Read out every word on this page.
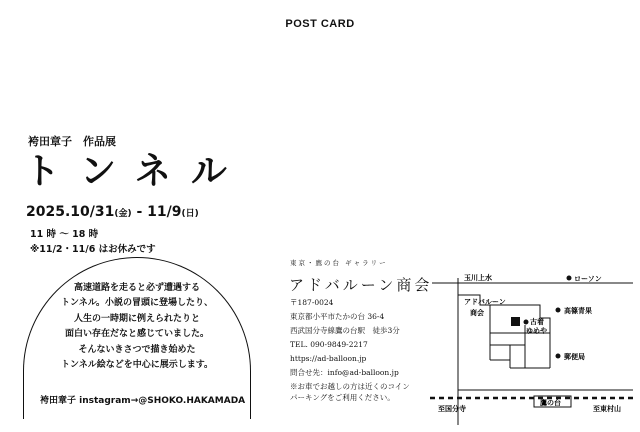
POST CARD
袴田章子　作品展
トンネル
2025.10/31(金) - 11/9(日)
11 時 ～ 18 時
※11/2・11/6 はお休みです
高速道路を走ると必ず遭遇する
トンネル。小説の冒頭に登場したり、
人生の一時期に例えられたりと
面白い存在だなと感じていました。
そんないきさつで描き始めた
トンネル絵などを中心に展示します。
袴田章子 instagram→@SHOKO.HAKAMADA
東京・鷹の台 ギャラリー
アドバルーン商会
〒187-0024
東京都小平市たかの台 36-4
西武国分寺線鷹の台駅　徒歩3分
TEL. 090-9849-2217
https://ad-balloon.jp
問合せ先：info@ad-balloon.jp
※お車でお越しの方は近くのコイン
パーキングをご利用ください。
玉川上水	ローソン
アドバルーン
商会	高篠青果
古着
ゆめや
郵便局
鷹の台
至国分寺	至東村山
